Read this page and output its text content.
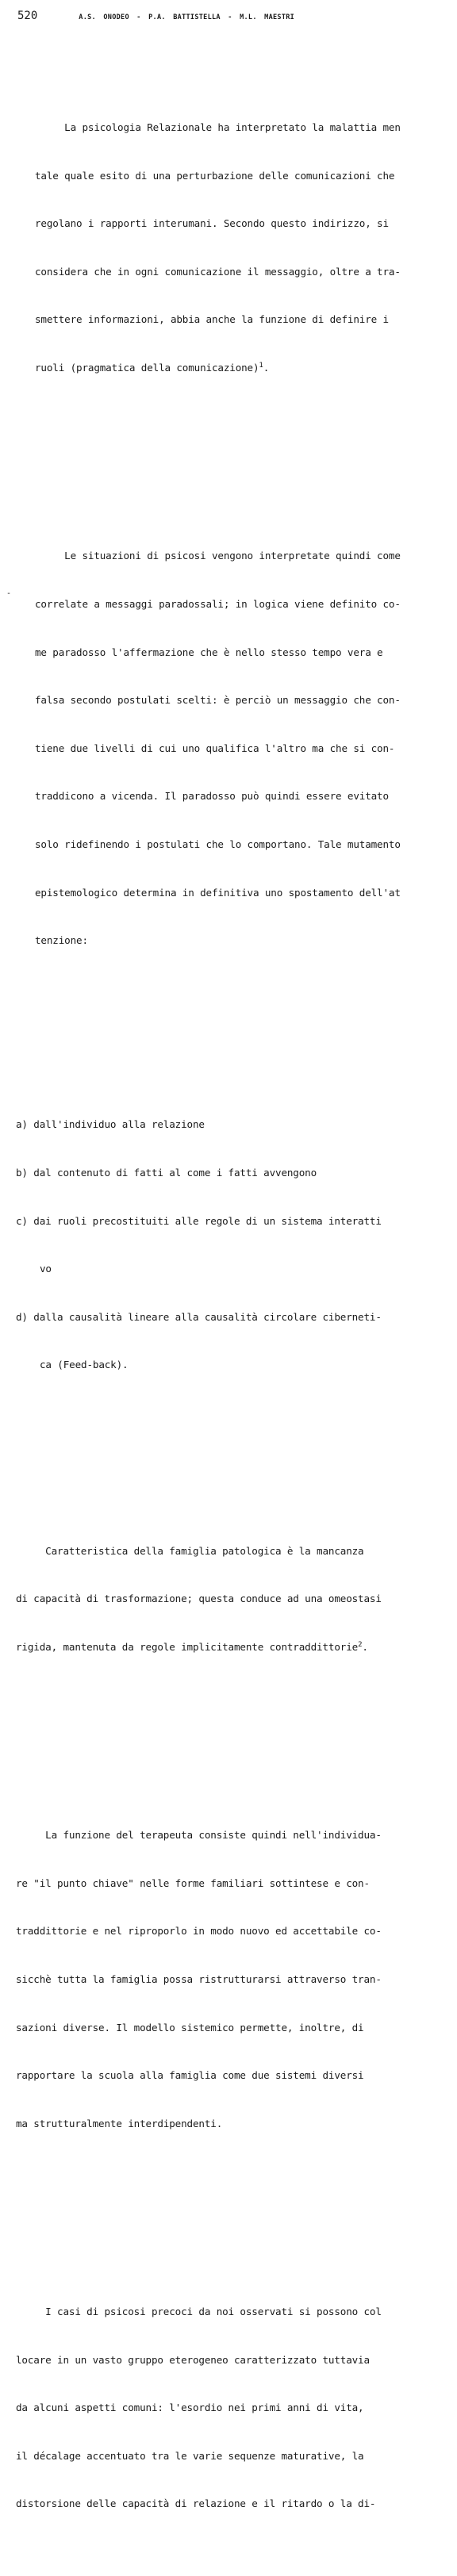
520	A.S. ONODEO - P.A. BATTISTELLA - M.L. MAESTRI

La psicologia Relazionale ha interpretato la malattia men

tale quale esito di una perturbazione delle comunicazioni che

regolano i rapporti interumani. Secondo questo indirizzo, si

considera che in ogni comunicazione il messaggio, oltre a tra-

smettere informazioni, abbia anche la funzione di definire i

ruoli (pragmatica della comunicazione)$^1$.

Le situazioni di psicosi vengono interpretate quindi come

correlate a messaggi paradossali; in logica viene definito co-

me paradosso l'affermazione che è nello stesso tempo vera e

falsa secondo postulati scelti: è perciò un messaggio che con-

tiene due livelli di cui uno qualifica l'altro ma che si con-

traddicono a vicenda. Il paradosso può quindi essere evitato

solo ridefinendo i postulati che lo comportano. Tale mutamento

epistemologico determina in definitiva uno spostamento dell'at

tenzione:

a) dall'individuo alla relazione

b) dal contenuto di fatti al come i fatti avvengono

c) dai ruoli precostituiti alle regole di un sistema interatti

vo

d) dalla causalità lineare alla causalità circolare ciberneti-

ca (Feed-back).

Caratteristica della famiglia patologica è la mancanza

di capacità di trasformazione; questa conduce ad una omeostasi

rigida, mantenuta da regole implicitamente contraddittorie$^2$.

La funzione del terapeuta consiste quindi nell'individua-

re "il punto chiave" nelle forme familiari sottintese e con-

traddittorie e nel riproporlo in modo nuovo ed accettabile co-

sicchè tutta la famiglia possa ristrutturarsi attraverso tran-

sazioni diverse. Il modello sistemico permette, inoltre, di

rapportare la scuola alla famiglia come due sistemi diversi

ma strutturalmente interdipendenti.

I casi di psicosi precoci da noi osservati si possono col

locare in un vasto gruppo eterogeneo caratterizzato tuttavia

da alcuni aspetti comuni: l'esordio nei primi anni di vita,

il décalage accentuato tra le varie sequenze maturative, la

distorsione delle capacità di relazione e il ritardo o la di-

-
